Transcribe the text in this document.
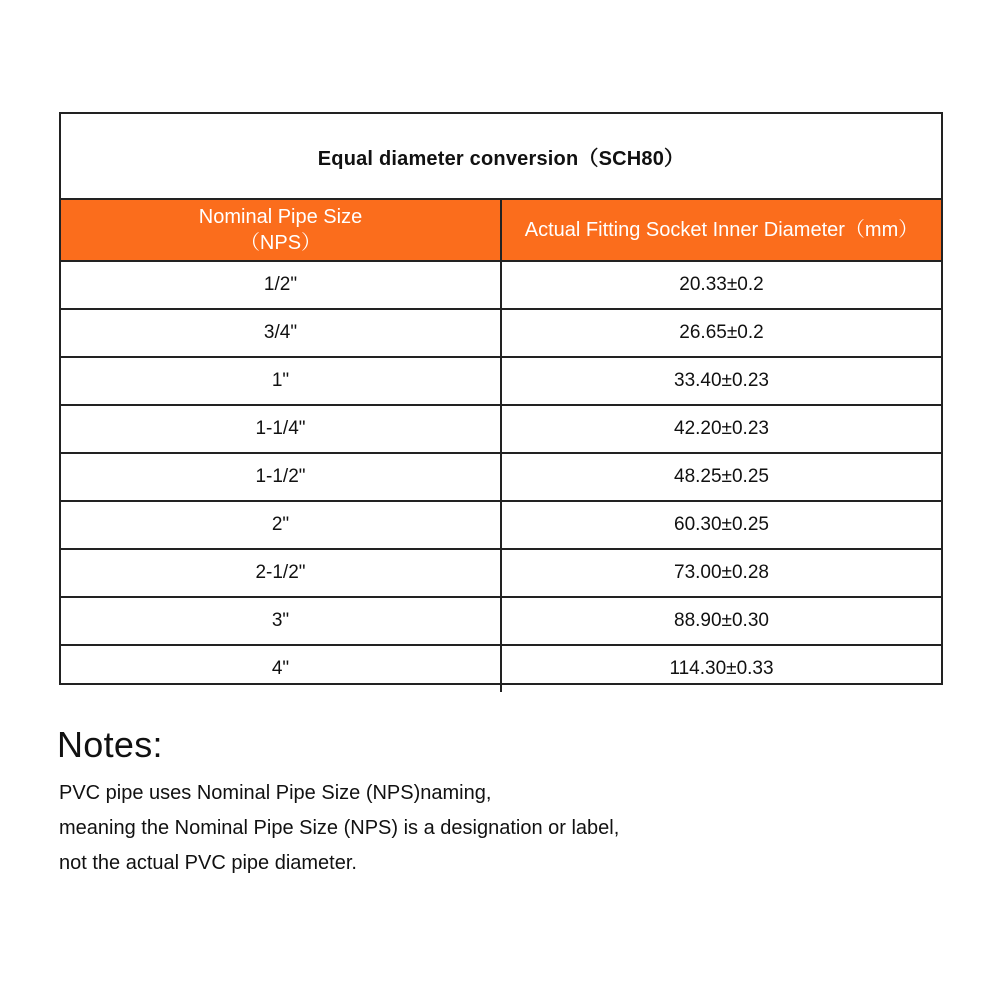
Equal diameter conversion（SCH80）	
Nominal Pipe Size
（NPS）	Actual Fitting Socket Inner Diameter（mm）
1/2"	20.33±0.2
3/4"	26.65±0.2
1"	33.40±0.23
1-1/4"	42.20±0.23
1-1/2"	48.25±0.25
2"	60.30±0.25
2-1/2"	73.00±0.28
3"	88.90±0.30
4"	114.30±0.33
Notes:

PVC pipe uses Nominal Pipe Size (NPS)naming,

meaning the Nominal Pipe Size (NPS) is a designation or label,

not the actual PVC pipe diameter.
